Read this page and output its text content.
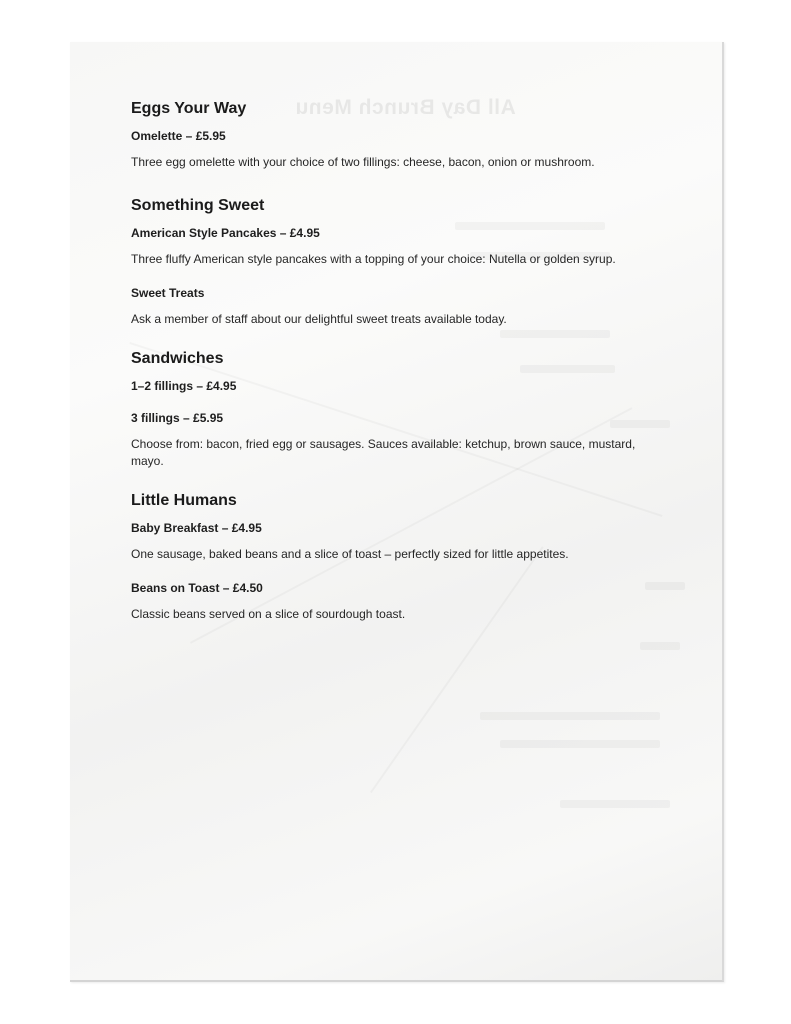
All Day Brunch Menu
Eggs Your Way
Omelette – £5.95
Three egg omelette with your choice of two fillings: cheese, bacon, onion or mushroom.
Something Sweet
American Style Pancakes – £4.95
Three fluffy American style pancakes with a topping of your choice: Nutella or golden syrup.
Sweet Treats
Ask a member of staff about our delightful sweet treats available today.
Sandwiches
1–2 fillings – £4.95
3 fillings – £5.95
Choose from: bacon, fried egg or sausages. Sauces available: ketchup, brown sauce, mustard, mayo.
Little Humans
Baby Breakfast – £4.95
One sausage, baked beans and a slice of toast – perfectly sized for little appetites.
Beans on Toast – £4.50
Classic beans served on a slice of sourdough toast.
